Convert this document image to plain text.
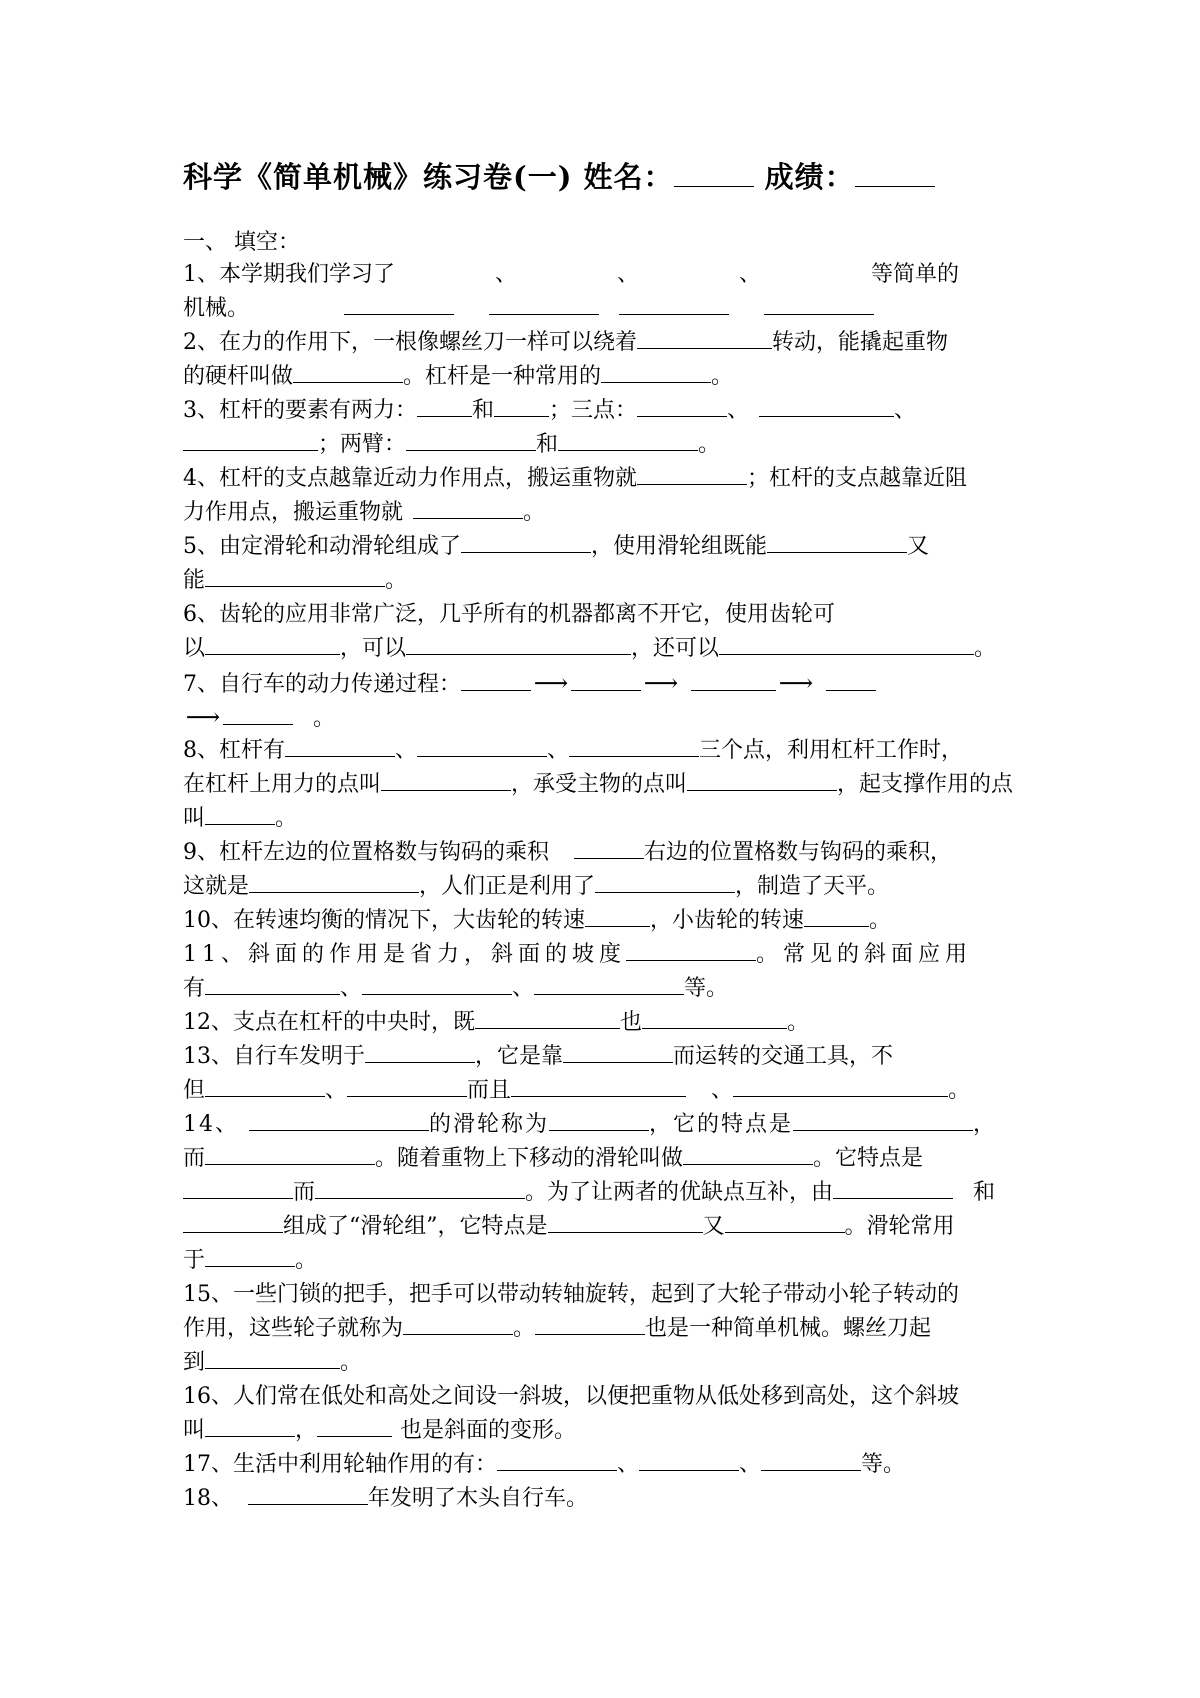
科学《简单机械》练习卷(一) 姓名：	成绩：
一、 填空：
1、本学期我们学习了	、	、	、	等简单的
机械。
2、在力的作用下，一根像螺丝刀一样可以绕着	转动，能撬起重物
的硬杆叫做	。杠杆是一种常用的	。
3、杠杆的要素有两力：	和	；三点：	、	、
；两臂：	和	。
4、杠杆的支点越靠近动力作用点，搬运重物就	；杠杆的支点越靠近阻
力作用点，搬运重物就	。
5、由定滑轮和动滑轮组成了	，使用滑轮组既能	又
能	。
6、齿轮的应用非常广泛，几乎所有的机器都离不开它，使用齿轮可
以	，可以	，还可以	。
7、自行车的动力传递过程：	⟶	⟶	⟶
⟶	。
8、杠杆有	、	、	三个点，利用杠杆工作时，
在杠杆上用力的点叫	，承受主物的点叫	，起支撑作用的点
叫	。
9、杠杆左边的位置格数与钩码的乘积	右边的位置格数与钩码的乘积，
这就是	，人们正是利用了	，制造了天平。
10、在转速均衡的情况下，大齿轮的转速	，小齿轮的转速	。
11、斜面的作用是省力，斜面的坡度	。常见的斜面应用
有	、	、	等。
12、支点在杠杆的中央时，既	也	。
13、自行车发明于	，它是靠	而运转的交通工具，不
但	、	而且	、	。
14、	的滑轮称为	，它的特点是	，
而	。随着重物上下移动的滑轮叫做	。它特点是
而	。为了让两者的优缺点互补，由	和
组成了“滑轮组”，它特点是	又	。滑轮常用
于	。
15、一些门锁的把手，把手可以带动转轴旋转，起到了大轮子带动小轮子转动的
作用，这些轮子就称为	。	也是一种简单机械。螺丝刀起
到	。
16、人们常在低处和高处之间设一斜坡，以便把重物从低处移到高处，这个斜坡
叫	，	也是斜面的变形。
17、生活中利用轮轴作用的有：	、	、	等。
18、	年发明了木头自行车。
